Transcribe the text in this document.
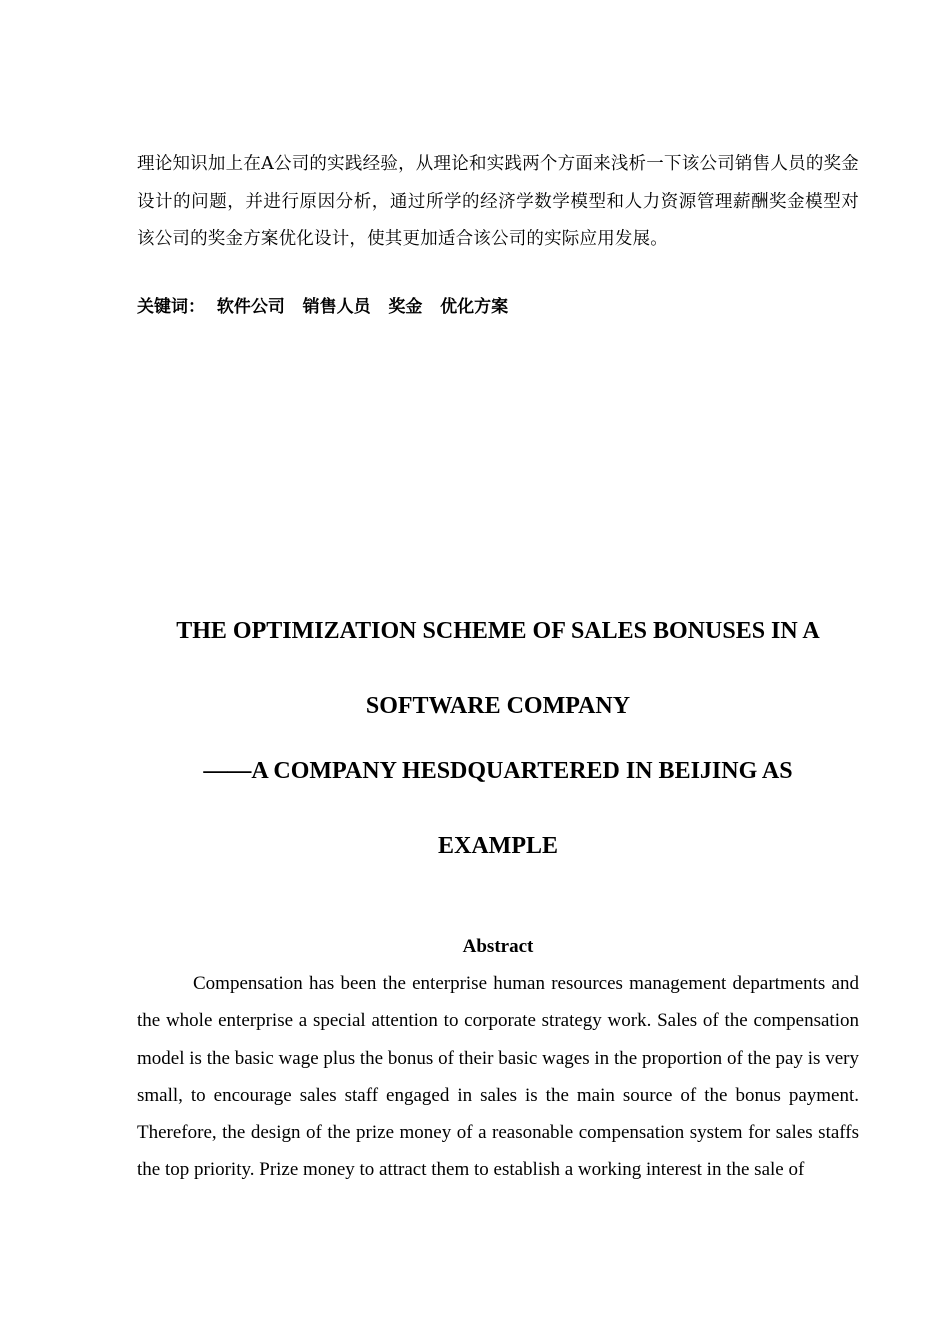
理论知识加上在A公司的实践经验，从理论和实践两个方面来浅析一下该公司销售人员的奖金设计的问题，并进行原因分析，通过所学的经济学数学模型和人力资源管理薪酬奖金模型对该公司的奖金方案优化设计，使其更加适合该公司的实际应用发展。

关键词：  软件公司   销售人员   奖金   优化方案
THE OPTIMIZATION SCHEME OF SALES BONUSES IN A
SOFTWARE COMPANY
——A COMPANY HESDQUARTERED IN BEIJING AS
EXAMPLE
Abstract

Compensation has been the enterprise human resources management departments and the whole enterprise a special attention to corporate strategy work. Sales of the compensation model is the basic wage plus the bonus of their basic wages in the proportion of the pay is very small, to encourage sales staff engaged in sales is the main source of the bonus payment. Therefore, the design of the prize money of a reasonable compensation system for sales staffs the top priority. Prize money to attract them to establish a working interest in the sale of
